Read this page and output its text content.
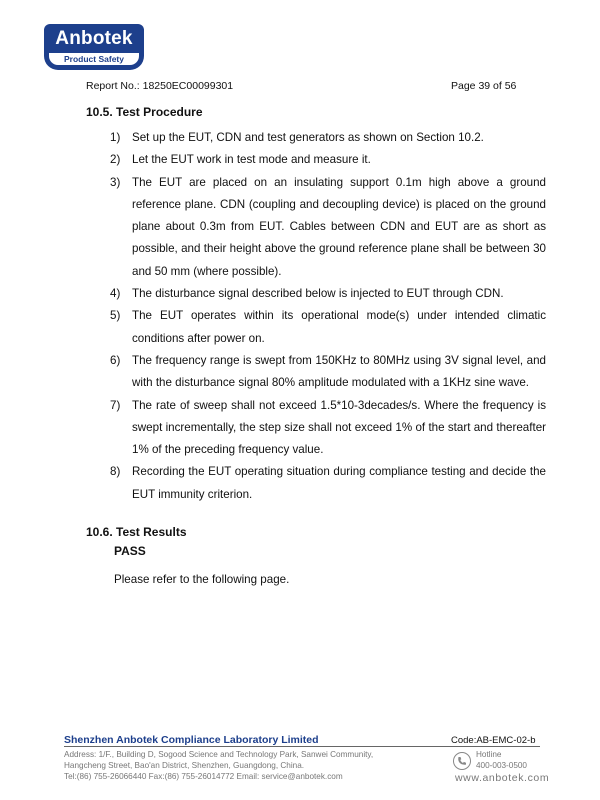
Anbotek
Product Safety
Report No.: 18250EC00099301	Page 39 of 56
10.5. Test Procedure
1) Set up the EUT, CDN and test generators as shown on Section 10.2.
2) Let the EUT work in test mode and measure it.
3) The EUT are placed on an insulating support 0.1m high above a ground reference plane. CDN (coupling and decoupling device) is placed on the ground plane about 0.3m from EUT. Cables between CDN and EUT are as short as possible, and their height above the ground reference plane shall be between 30 and 50 mm (where possible).
4) The disturbance signal described below is injected to EUT through CDN.
5) The EUT operates within its operational mode(s) under intended climatic conditions after power on.
6) The frequency range is swept from 150KHz to 80MHz using 3V signal level, and with the disturbance signal 80% amplitude modulated with a 1KHz sine wave.
7) The rate of sweep shall not exceed 1.5*10-3decades/s. Where the frequency is swept incrementally, the step size shall not exceed 1% of the start and thereafter 1% of the preceding frequency value.
8) Recording the EUT operating situation during compliance testing and decide the EUT immunity criterion.
10.6. Test Results
PASS
Please refer to the following page.
Shenzhen Anbotek Compliance Laboratory Limited	Code:AB-EMC-02-b
Address: 1/F., Building D, Sogood Science and Technology Park, Sanwei Community,
Hangcheng Street, Bao'an District, Shenzhen, Guangdong, China.
Tel:(86) 755-26066440 Fax:(86) 755-26014772 Email: service@anbotek.com
Hotline
400-003-0500
www.anbotek.com
